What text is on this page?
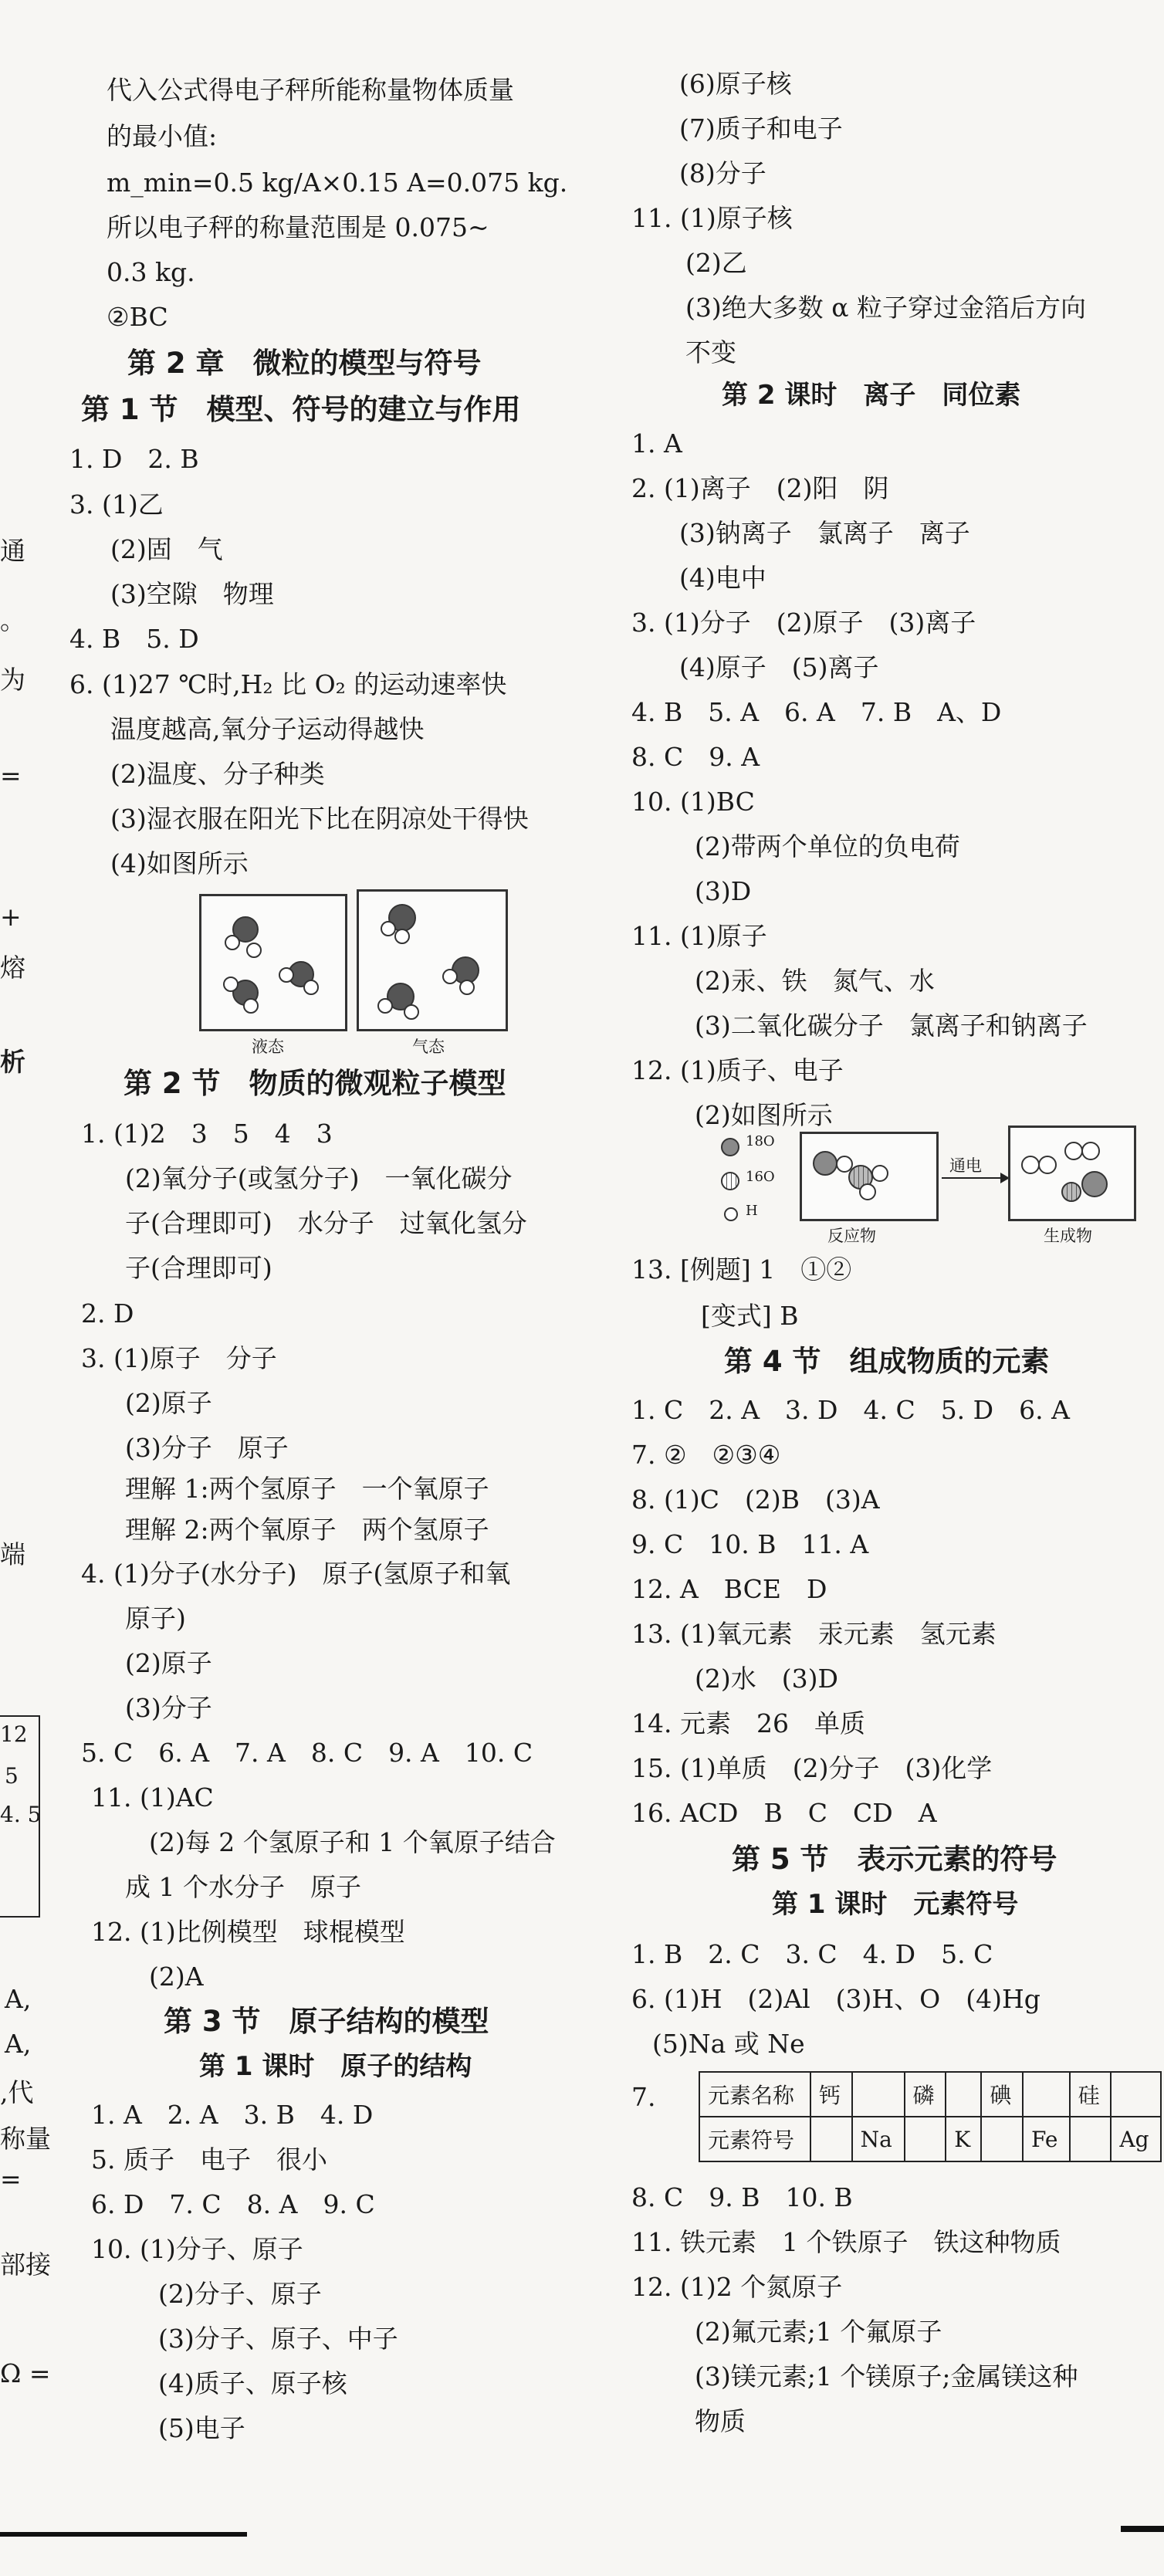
通
。
为
=
+
熔
析
端
12
5
4. 5
A,
A,
,代
称量
=
部接
Ω =
代入公式得电子秤所能称量物体质量
的最小值:
m_min=0.5 kg/A×0.15 A=0.075 kg.
所以电子秤的称量范围是 0.075~
0.3 kg.
②BC
第 2 章　微粒的模型与符号
第 1 节　模型、符号的建立与作用
1. D　2. B
3. (1)乙
(2)固　气
(3)空隙　物理
4. B　5. D
6. (1)27 ℃时,H₂ 比 O₂ 的运动速率快
温度越高,氧分子运动得越快
(2)温度、分子种类
(3)湿衣服在阳光下比在阴凉处干得快
(4)如图所示
液态	气态
第 2 节　物质的微观粒子模型
1. (1)2　3　5　4　3
(2)氧分子(或氢分子)　一氧化碳分
子(合理即可)　水分子　过氧化氢分
子(合理即可)
2. D
3. (1)原子　分子
(2)原子
(3)分子　原子
理解 1:两个氢原子　一个氧原子
理解 2:两个氧原子　两个氢原子
4. (1)分子(水分子)　原子(氢原子和氧
原子)
(2)原子
(3)分子
5. C　6. A　7. A　8. C　9. A　10. C
11. (1)AC
(2)每 2 个氢原子和 1 个氧原子结合
成 1 个水分子　原子
12. (1)比例模型　球棍模型
(2)A
第 3 节　原子结构的模型
第 1 课时　原子的结构
1. A　2. A　3. B　4. D
5. 质子　电子　很小
6. D　7. C　8. A　9. C
10. (1)分子、原子
(2)分子、原子
(3)分子、原子、中子
(4)质子、原子核
(5)电子
(6)原子核
(7)质子和电子
(8)分子
11. (1)原子核
(2)乙
(3)绝大多数 α 粒子穿过金箔后方向
不变
第 2 课时　离子　同位素
1. A
2. (1)离子　(2)阳　阴
(3)钠离子　氯离子　离子
(4)电中
3. (1)分子　(2)原子　(3)离子
(4)原子　(5)离子
4. B　5. A　6. A　7. B　A、D
8. C　9. A
10. (1)BC
(2)带两个单位的负电荷
(3)D
11. (1)原子
(2)汞、铁　氮气、水
(3)二氧化碳分子　氯离子和钠离子
12. (1)质子、电子
(2)如图所示
18O
16O
H
反应物
通电
生成物
13. [例题] 1　①②
[变式] B
第 4 节　组成物质的元素
1. C　2. A　3. D　4. C　5. D　6. A
7. ②　②③④
8. (1)C　(2)B　(3)A
9. C　10. B　11. A
12. A　BCE　D
13. (1)氧元素　汞元素　氢元素
(2)水　(3)D
14. 元素　26　单质
15. (1)单质　(2)分子　(3)化学
16. ACD　B　C　CD　A
第 5 节　表示元素的符号
第 1 课时　元素符号
1. B　2. C　3. C　4. D　5. C
6. (1)H　(2)Al　(3)H、O　(4)Hg
(5)Na 或 Ne
7. 元素名称	钙		磷		碘		硅	
元素符号		Na		K		Fe		Ag
8. C　9. B　10. B
11. 铁元素　1 个铁原子　铁这种物质
12. (1)2 个氮原子
(2)氟元素;1 个氟原子
(3)镁元素;1 个镁原子;金属镁这种
物质
